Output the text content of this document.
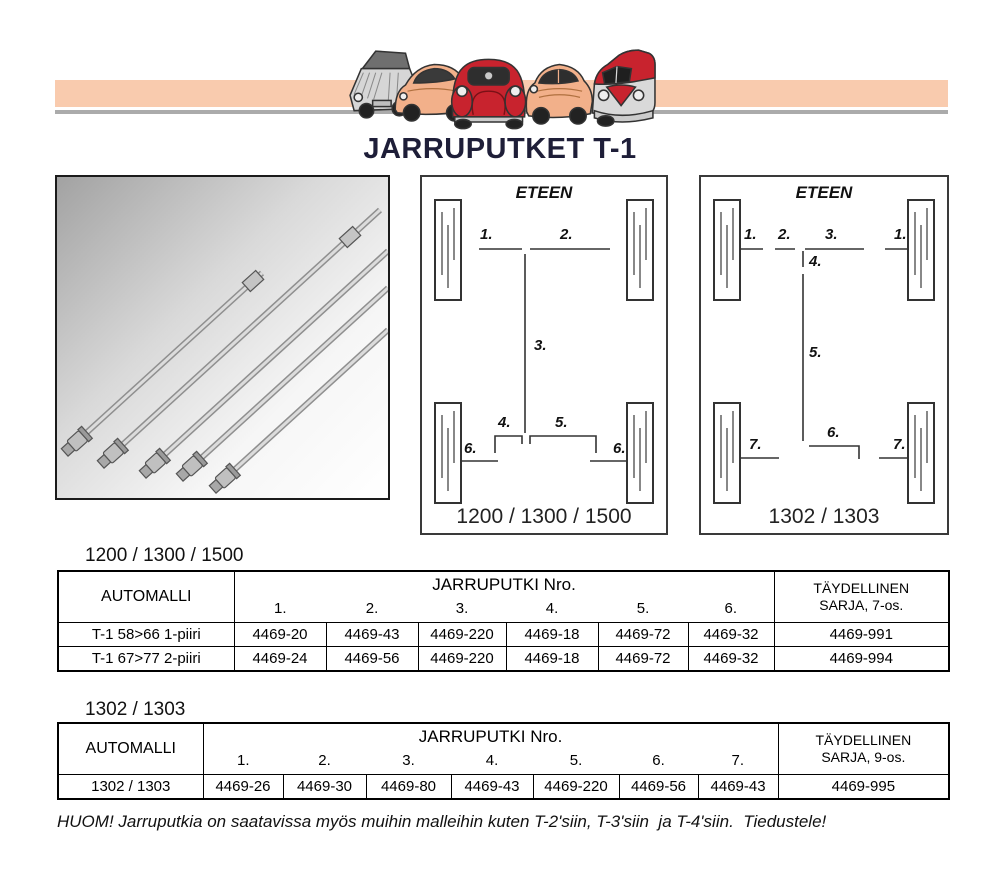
JARRUPUTKET T-1
ETEEN
1.	2.
3.
4.	5.
6.	6.
1200 / 1300 / 1500
ETEEN
1. 2. 3.	1.
4.
5.
6.
7.	7.
1302 / 1303
1200 / 1300 / 1500
AUTOMALLI	JARRUPUTKI Nro.						TÄYDELLINEN
SARJA, 7-os.

	1.	2.	3.	4.	5.	6.	
T-1 58>66 1-piiri	4469-20	4469-43	4469-220	4469-18	4469-72	4469-32	4469-991
T-1 67>77 2-piiri	4469-24	4469-56	4469-220	4469-18	4469-72	4469-32	4469-994
1302 / 1303
AUTOMALLI	JARRUPUTKI Nro.							TÄYDELLINEN
SARJA, 9-os.

	1.	2.	3.	4.	5.	6.	7.	
1302 / 1303	4469-26	4469-30	4469-80	4469-43	4469-220	4469-56	4469-43	4469-995
HUOM! Jarruputkia on saatavissa myös muihin malleihin kuten T-2'siin, T-3'siin  ja T-4'siin.  Tiedustele!
